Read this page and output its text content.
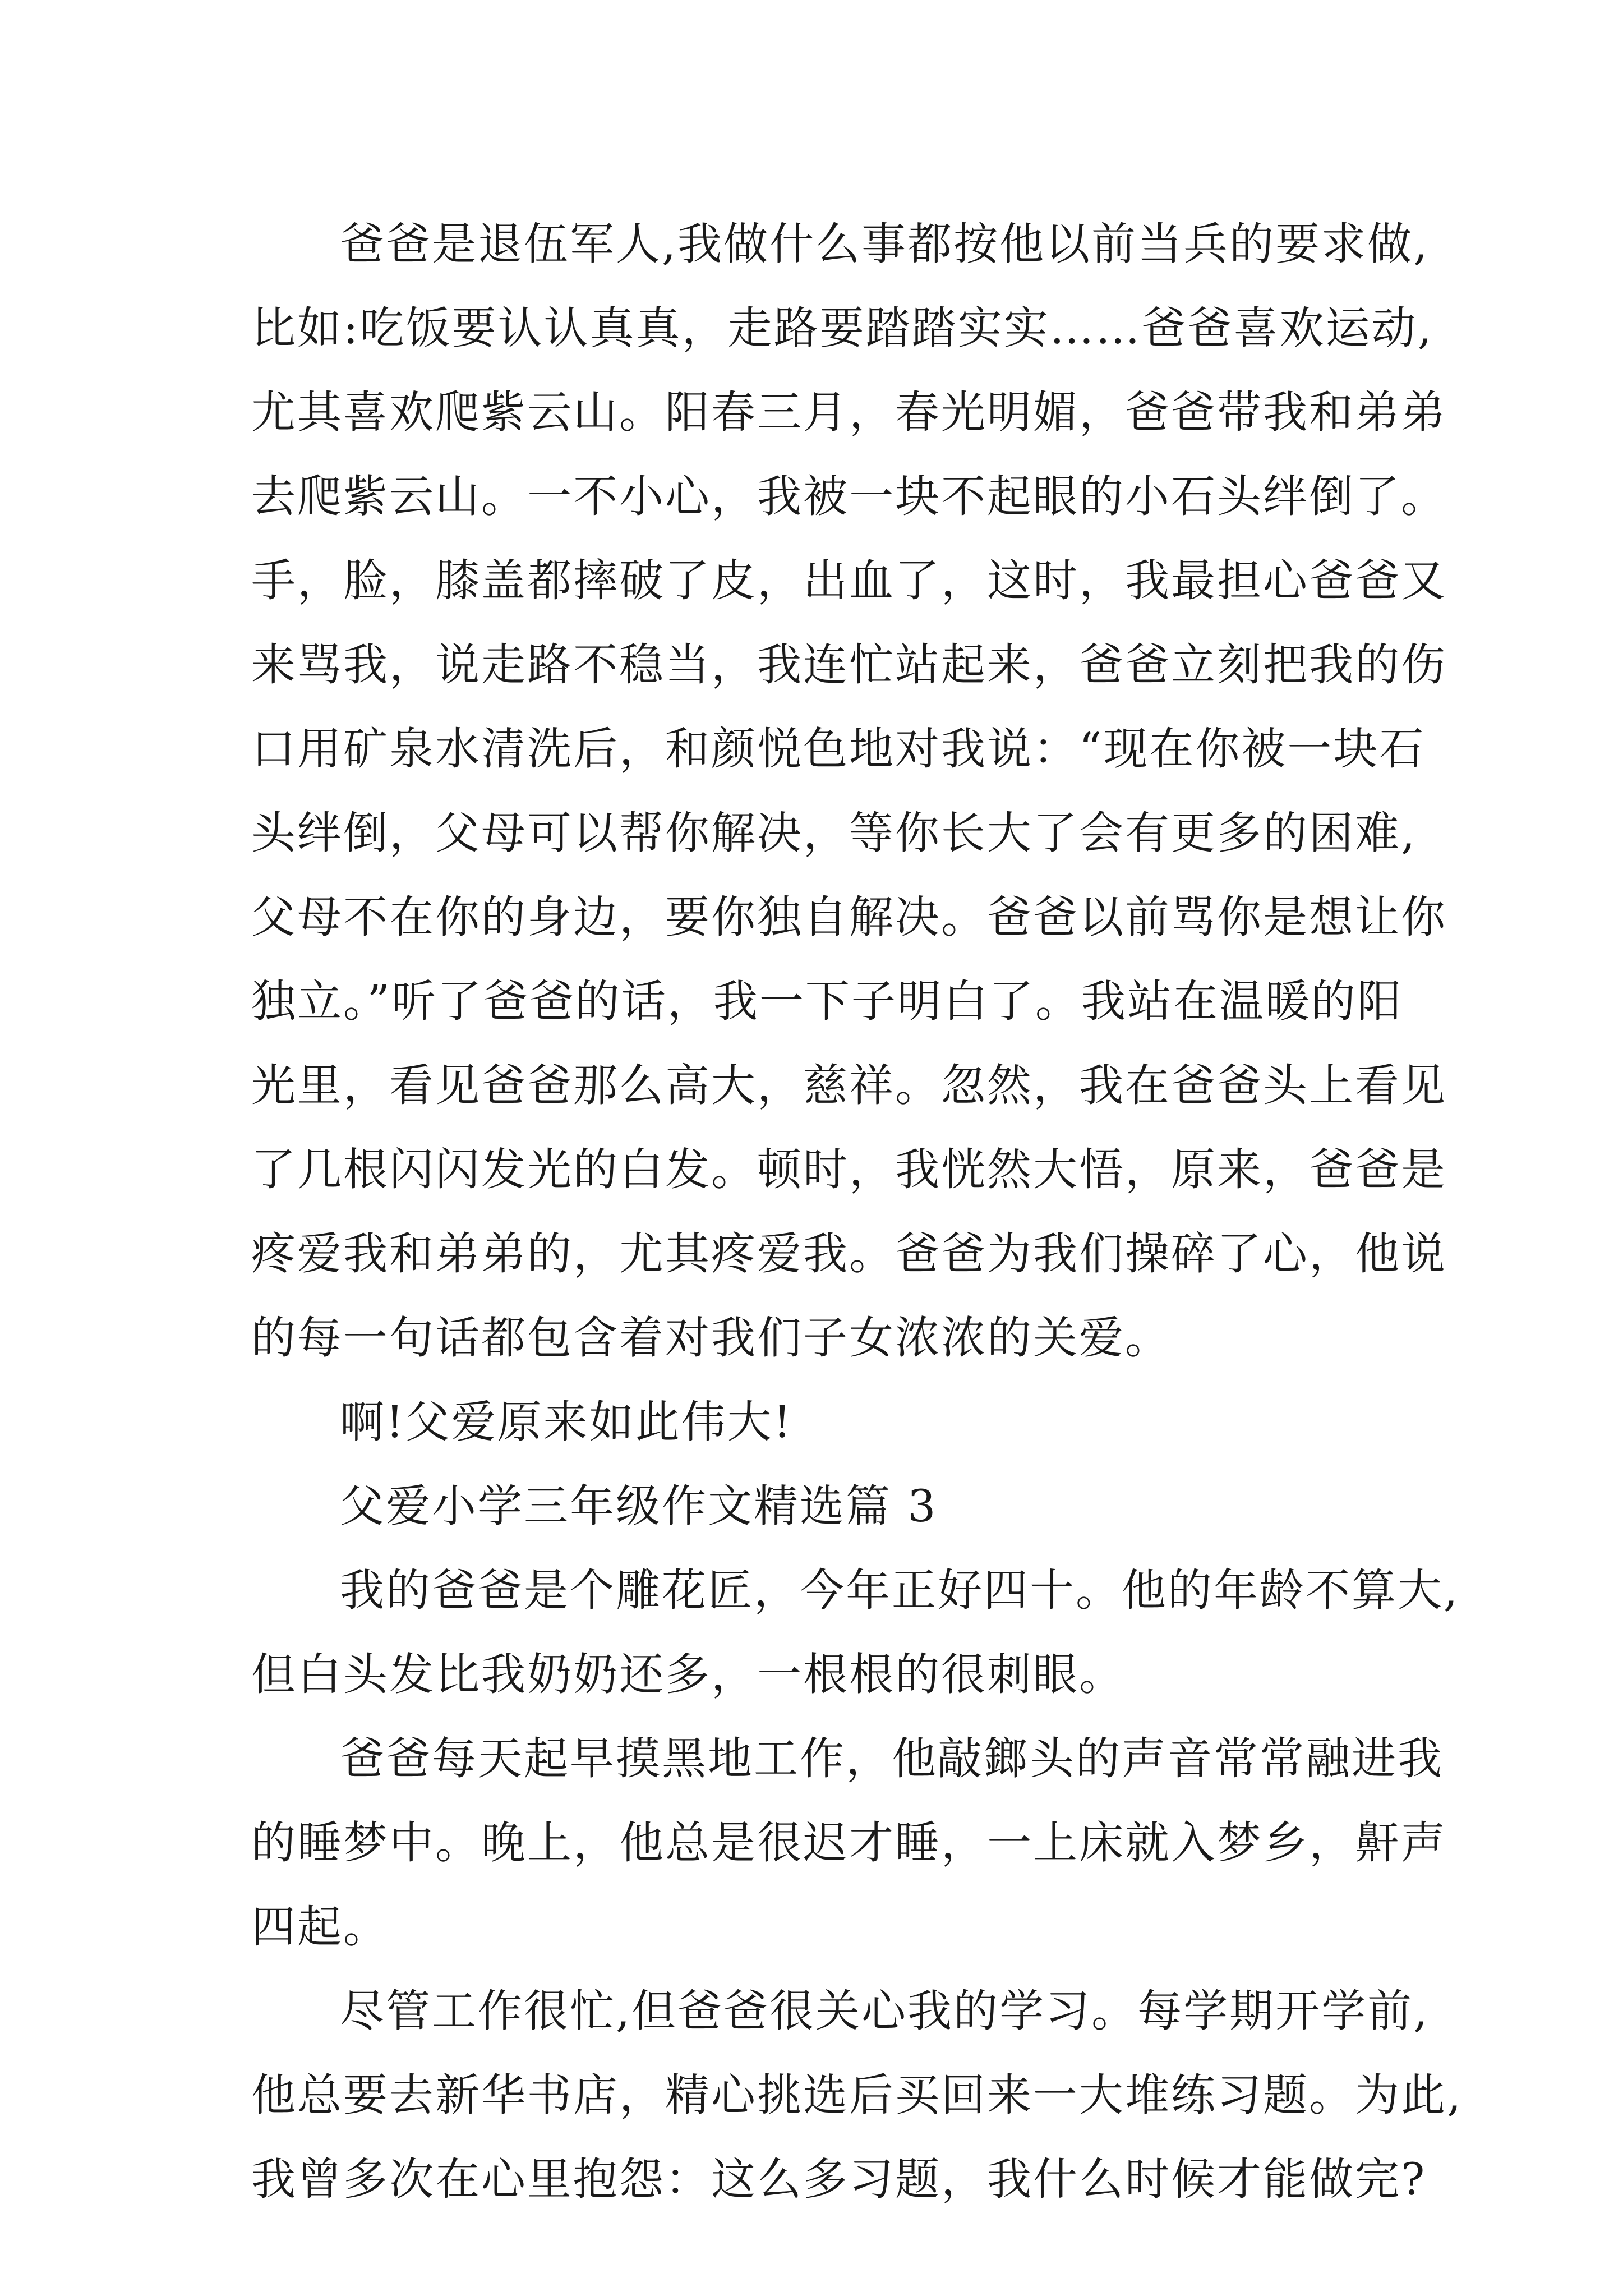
爸爸是退伍军人,我做什么事都按他以前当兵的要求做,
比如:吃饭要认认真真，走路要踏踏实实……爸爸喜欢运动,
尤其喜欢爬紫云山。阳春三月，春光明媚，爸爸带我和弟弟
去爬紫云山。一不小心，我被一块不起眼的小石头绊倒了。
手，脸，膝盖都摔破了皮，出血了，这时，我最担心爸爸又
来骂我，说走路不稳当，我连忙站起来，爸爸立刻把我的伤
口用矿泉水清洗后，和颜悦色地对我说：“现在你被一块石
头绊倒，父母可以帮你解决，等你长大了会有更多的困难,
父母不在你的身边，要你独自解决。爸爸以前骂你是想让你
独立。”听了爸爸的话，我一下子明白了。我站在温暖的阳
光里，看见爸爸那么高大，慈祥。忽然，我在爸爸头上看见
了几根闪闪发光的白发。顿时，我恍然大悟，原来，爸爸是
疼爱我和弟弟的，尤其疼爱我。爸爸为我们操碎了心，他说
的每一句话都包含着对我们子女浓浓的关爱。
啊!父爱原来如此伟大!
父爱小学三年级作文精选篇 3
我的爸爸是个雕花匠，今年正好四十。他的年龄不算大,
但白头发比我奶奶还多，一根根的很刺眼。
爸爸每天起早摸黑地工作，他敲鎯头的声音常常融进我
的睡梦中。晚上，他总是很迟才睡，一上床就入梦乡，鼾声
四起。
尽管工作很忙,但爸爸很关心我的学习。每学期开学前,
他总要去新华书店，精心挑选后买回来一大堆练习题。为此,
我曾多次在心里抱怨：这么多习题，我什么时候才能做完?
